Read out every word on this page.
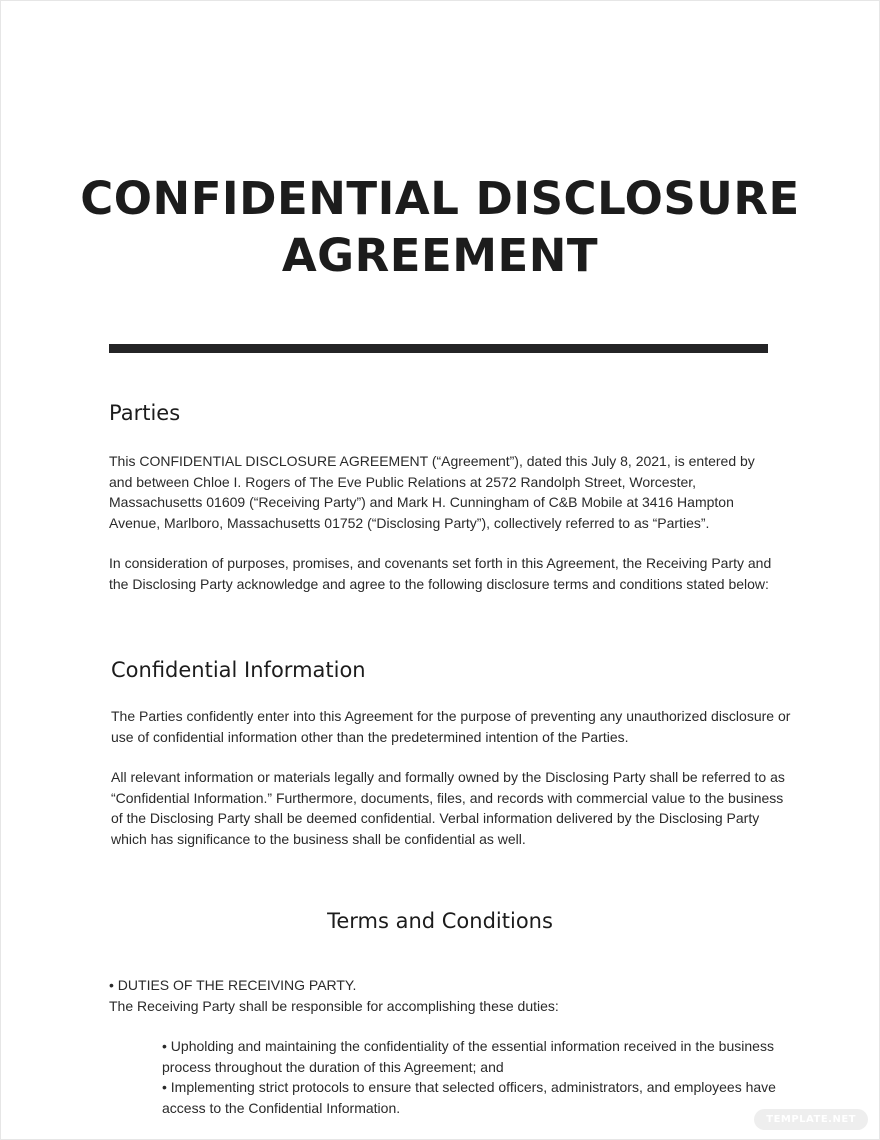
CONFIDENTIAL DISCLOSURE
AGREEMENT
Parties

This CONFIDENTIAL DISCLOSURE AGREEMENT (“Agreement”), dated this July 8, 2021, is entered by and between Chloe I. Rogers of The Eve Public Relations at 2572 Randolph Street, Worcester, Massachusetts 01609 (“Receiving Party”) and Mark H. Cunningham of C&B Mobile at 3416 Hampton Avenue, Marlboro, Massachusetts 01752 (“Disclosing Party”), collectively referred to as “Parties”.

In consideration of purposes, promises, and covenants set forth in this Agreement, the Receiving Party and the Disclosing Party acknowledge and agree to the following disclosure terms and conditions stated below:

Confidential Information

The Parties confidently enter into this Agreement for the purpose of preventing any unauthorized disclosure or use of confidential information other than the predetermined intention of the Parties.

All relevant information or materials legally and formally owned by the Disclosing Party shall be referred to as “Confidential Information.” Furthermore, documents, files, and records with commercial value to the business of the Disclosing Party shall be deemed confidential. Verbal information delivered by the Disclosing Party which has significance to the business shall be confidential as well.

Terms and Conditions
• DUTIES OF THE RECEIVING PARTY.
The Receiving Party shall be responsible for accomplishing these duties:
• Upholding and maintaining the confidentiality of the essential information received in the business process throughout the duration of this Agreement; and
• Implementing strict protocols to ensure that selected officers, administrators, and employees have access to the Confidential Information.
TEMPLATE.NET
